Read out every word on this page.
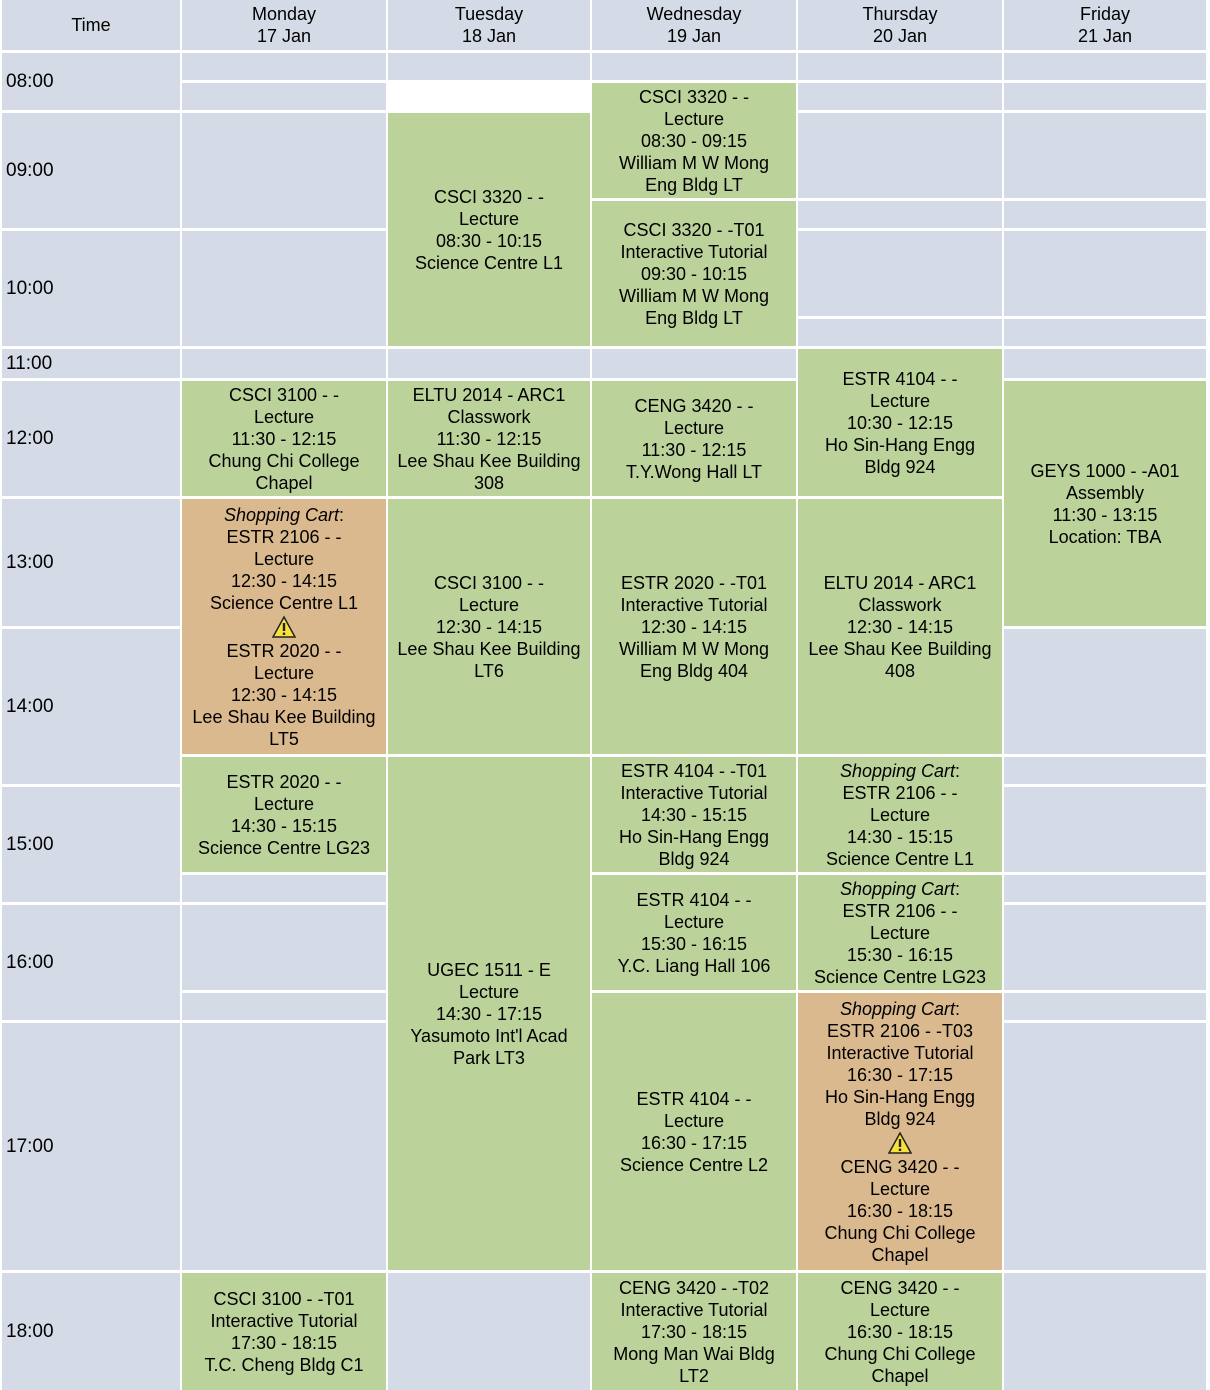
Time
Monday
17 Jan
Tuesday
18 Jan
Wednesday
19 Jan
Thursday
20 Jan
Friday
21 Jan
08:00
09:00
10:00
11:00
12:00
13:00
14:00
15:00
16:00
17:00
18:00
CSCI 3320 - -
Lecture
08:30 - 10:15
Science Centre L1
CSCI 3320 - -
Lecture
08:30 - 09:15
William M W Mong
Eng Bldg LT
CSCI 3320 - -T01
Interactive Tutorial
09:30 - 10:15
William M W Mong
Eng Bldg LT
ESTR 4104 - -
Lecture
10:30 - 12:15
Ho Sin-Hang Engg
Bldg 924
CSCI 3100 - -
Lecture
11:30 - 12:15
Chung Chi College
Chapel
ELTU 2014 - ARC1
Classwork
11:30 - 12:15
Lee Shau Kee Building
308
CENG 3420 - -
Lecture
11:30 - 12:15
T.Y.Wong Hall LT	GEYS 1000 - -A01
Assembly
11:30 - 13:15
Location: TBA
CSCI 3100 - -
Lecture
12:30 - 14:15
Lee Shau Kee Building
LT6
ESTR 2020 - -T01
Interactive Tutorial
12:30 - 14:15
William M W Mong
Eng Bldg 404
ELTU 2014 - ARC1
Classwork
12:30 - 14:15
Lee Shau Kee Building
408
ESTR 2020 - -
Lecture
14:30 - 15:15
Science Centre LG23
UGEC 1511 - E
Lecture
14:30 - 17:15
Yasumoto Int'l Acad
Park LT3
ESTR 4104 - -T01
Interactive Tutorial
14:30 - 15:15
Ho Sin-Hang Engg
Bldg 924
Shopping Cart:
ESTR 2106 - -
Lecture
14:30 - 15:15
Science Centre L1
ESTR 4104 - -
Lecture
15:30 - 16:15
Y.C. Liang Hall 106
Shopping Cart:
ESTR 2106 - -
Lecture
15:30 - 16:15
Science Centre LG23
ESTR 4104 - -
Lecture
16:30 - 17:15
Science Centre L2
CSCI 3100 - -T01
Interactive Tutorial
17:30 - 18:15
T.C. Cheng Bldg C1
CENG 3420 - -T02
Interactive Tutorial
17:30 - 18:15
Mong Man Wai Bldg
LT2
CENG 3420 - -
Lecture
16:30 - 18:15
Chung Chi College
Chapel
Shopping Cart:
ESTR 2106 - -
Lecture
12:30 - 14:15
Science Centre L1
ESTR 2020 - -
Lecture
12:30 - 14:15
Lee Shau Kee Building
LT5
Shopping Cart:
ESTR 2106 - -T03
Interactive Tutorial
16:30 - 17:15
Ho Sin-Hang Engg
Bldg 924
CENG 3420 - -
Lecture
16:30 - 18:15
Chung Chi College
Chapel
